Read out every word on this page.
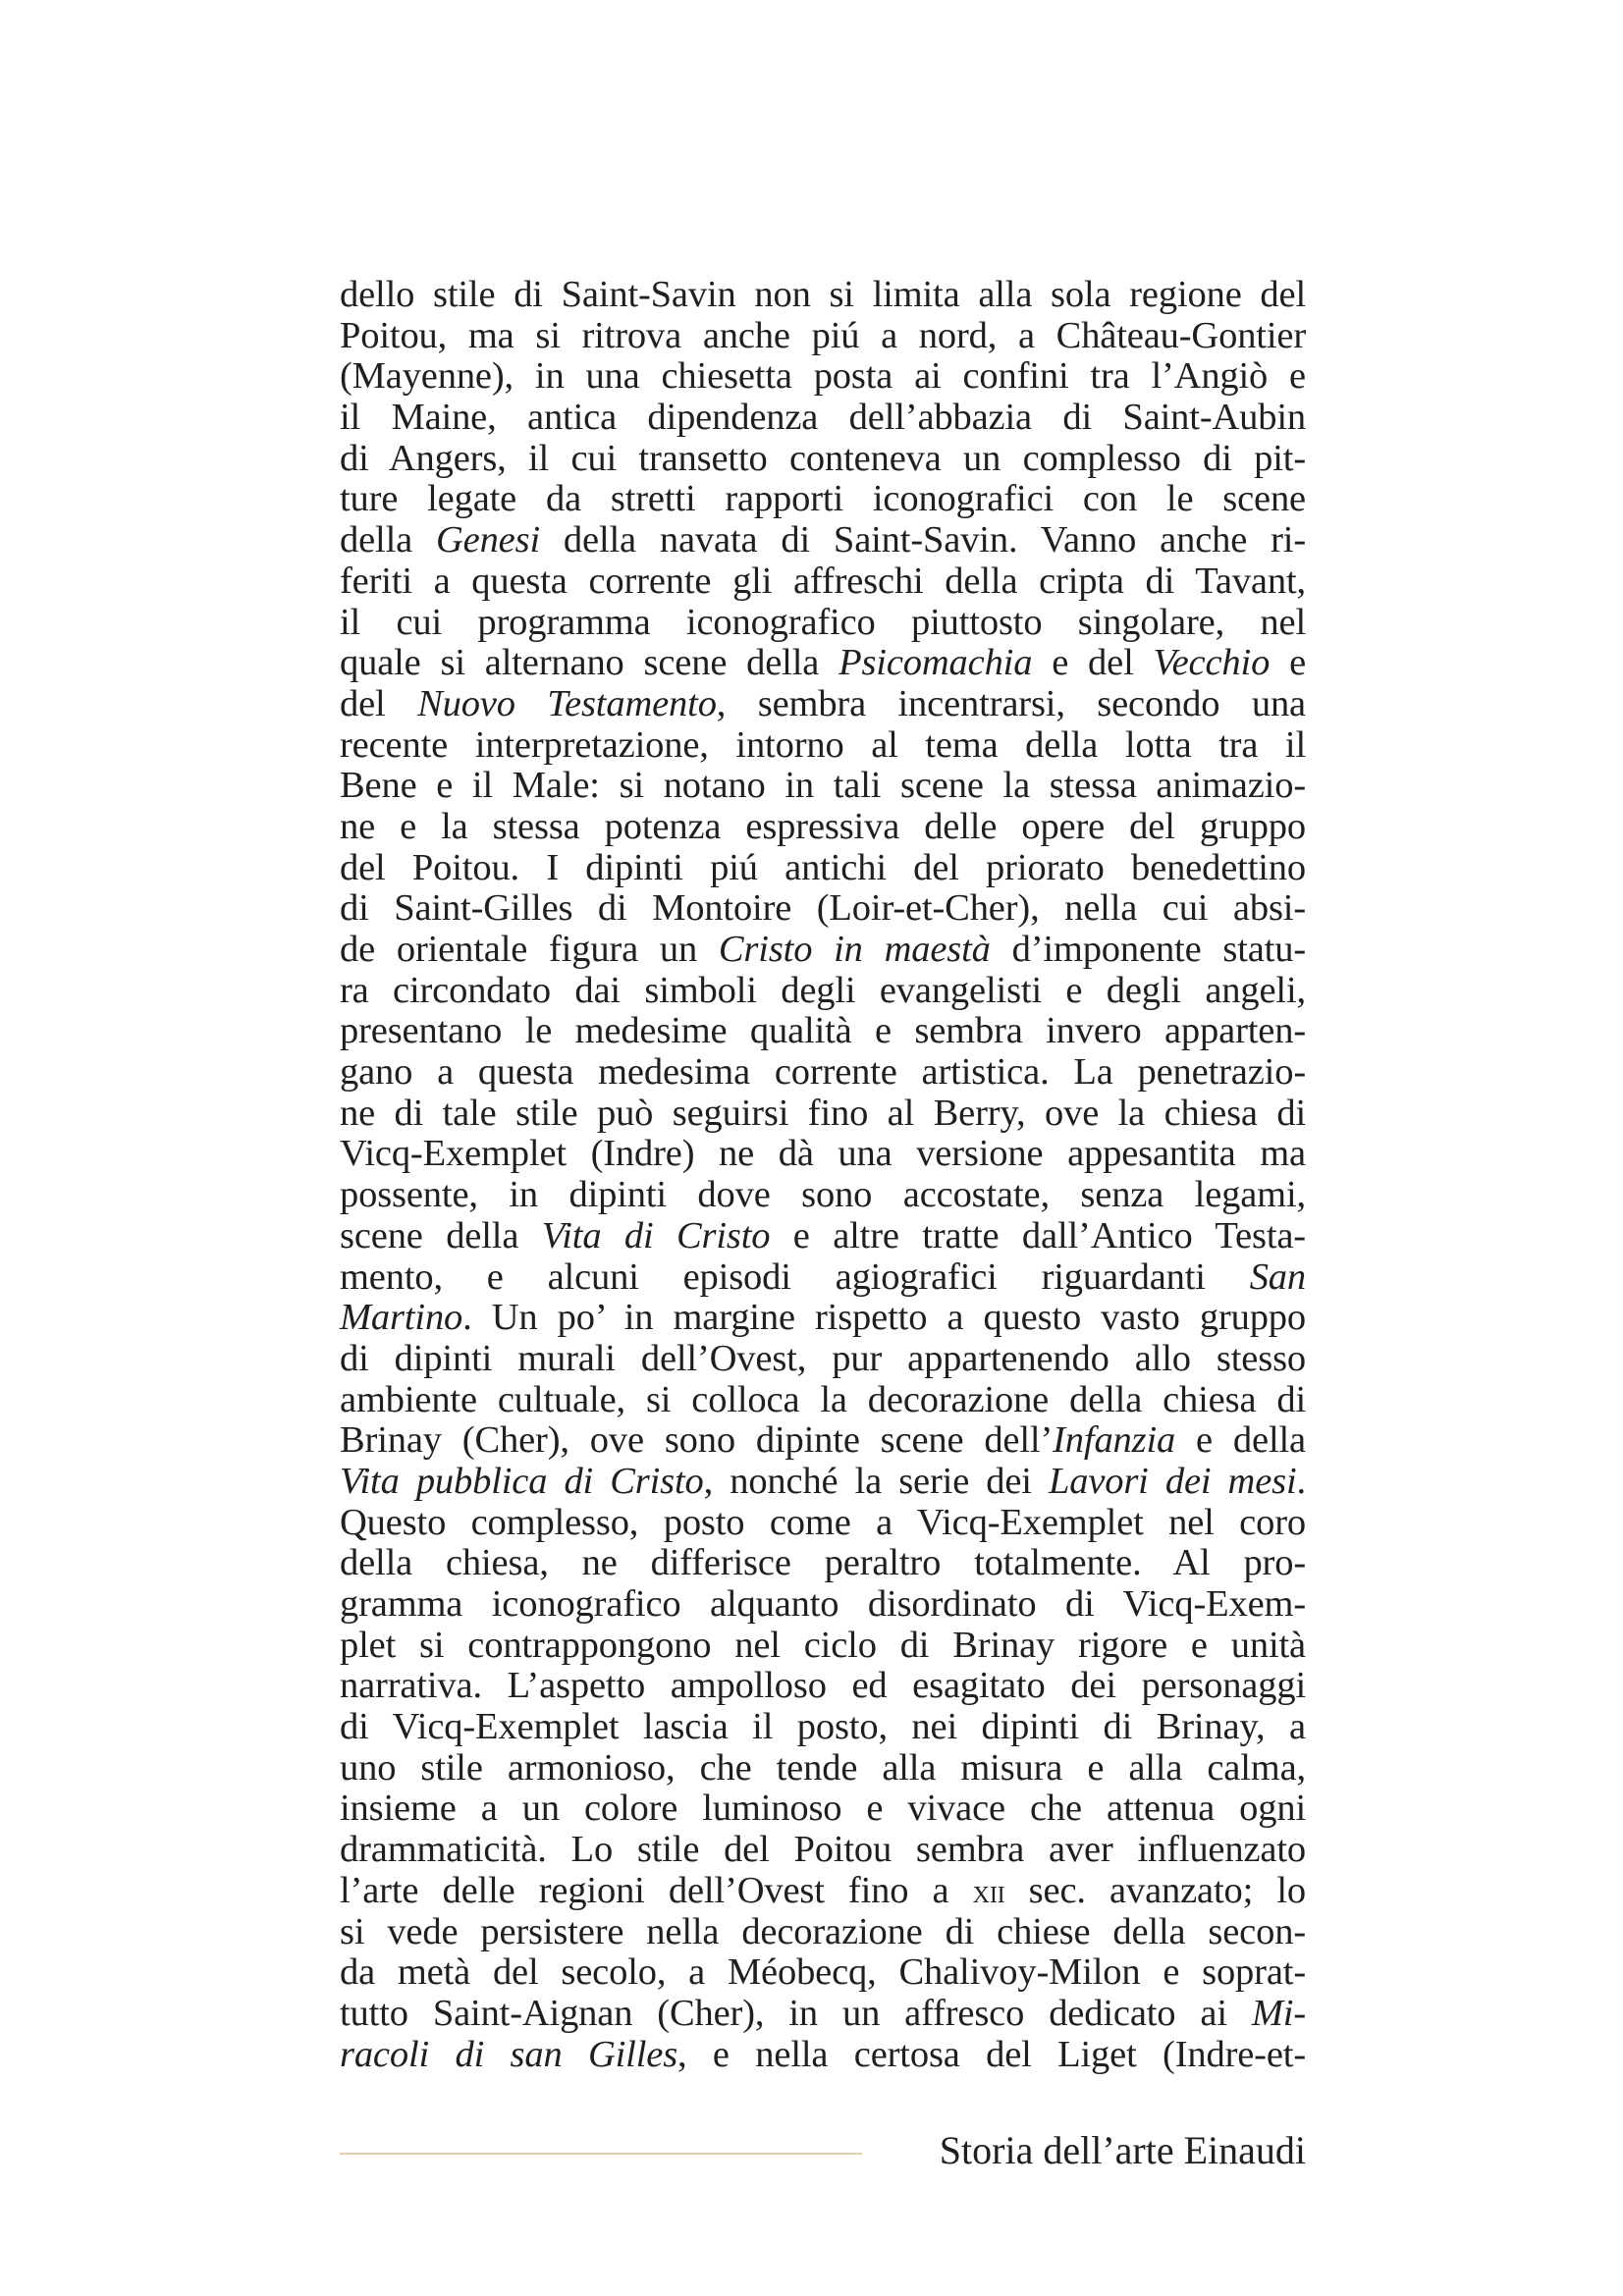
dello stile di Saint-Savin non si limita alla sola regione del
Poitou, ma si ritrova anche piú a nord, a Château-Gontier
(Mayenne), in una chiesetta posta ai confini tra l’Angiò e
il Maine, antica dipendenza dell’abbazia di Saint-Aubin
di Angers, il cui transetto conteneva un complesso di pit-
ture legate da stretti rapporti iconografici con le scene
della Genesi della navata di Saint-Savin. Vanno anche ri-
feriti a questa corrente gli affreschi della cripta di Tavant,
il cui programma iconografico piuttosto singolare, nel
quale si alternano scene della Psicomachia e del Vecchio e
del Nuovo Testamento, sembra incentrarsi, secondo una
recente interpretazione, intorno al tema della lotta tra il
Bene e il Male: si notano in tali scene la stessa animazio-
ne e la stessa potenza espressiva delle opere del gruppo
del Poitou. I dipinti piú antichi del priorato benedettino
di Saint-Gilles di Montoire (Loir-et-Cher), nella cui absi-
de orientale figura un Cristo in maestà d’imponente statu-
ra circondato dai simboli degli evangelisti e degli angeli,
presentano le medesime qualità e sembra invero apparten-
gano a questa medesima corrente artistica. La penetrazio-
ne di tale stile può seguirsi fino al Berry, ove la chiesa di
Vicq-Exemplet (Indre) ne dà una versione appesantita ma
possente, in dipinti dove sono accostate, senza legami,
scene della Vita di Cristo e altre tratte dall’Antico Testa-
mento, e alcuni episodi agiografici riguardanti San
Martino. Un po’ in margine rispetto a questo vasto gruppo
di dipinti murali dell’Ovest, pur appartenendo allo stesso
ambiente cultuale, si colloca la decorazione della chiesa di
Brinay (Cher), ove sono dipinte scene dell’Infanzia e della
Vita pubblica di Cristo, nonché la serie dei Lavori dei mesi.
Questo complesso, posto come a Vicq-Exemplet nel coro
della chiesa, ne differisce peraltro totalmente. Al pro-
gramma iconografico alquanto disordinato di Vicq-Exem-
plet si contrappongono nel ciclo di Brinay rigore e unità
narrativa. L’aspetto ampolloso ed esagitato dei personaggi
di Vicq-Exemplet lascia il posto, nei dipinti di Brinay, a
uno stile armonioso, che tende alla misura e alla calma,
insieme a un colore luminoso e vivace che attenua ogni
drammaticità. Lo stile del Poitou sembra aver influenzato
l’arte delle regioni dell’Ovest fino a xii sec. avanzato; lo
si vede persistere nella decorazione di chiese della secon-
da metà del secolo, a Méobecq, Chalivoy-Milon e soprat-
tutto Saint-Aignan (Cher), in un affresco dedicato ai Mi-
racoli di san Gilles, e nella certosa del Liget (Indre-et-
Storia dell’arte Einaudi
